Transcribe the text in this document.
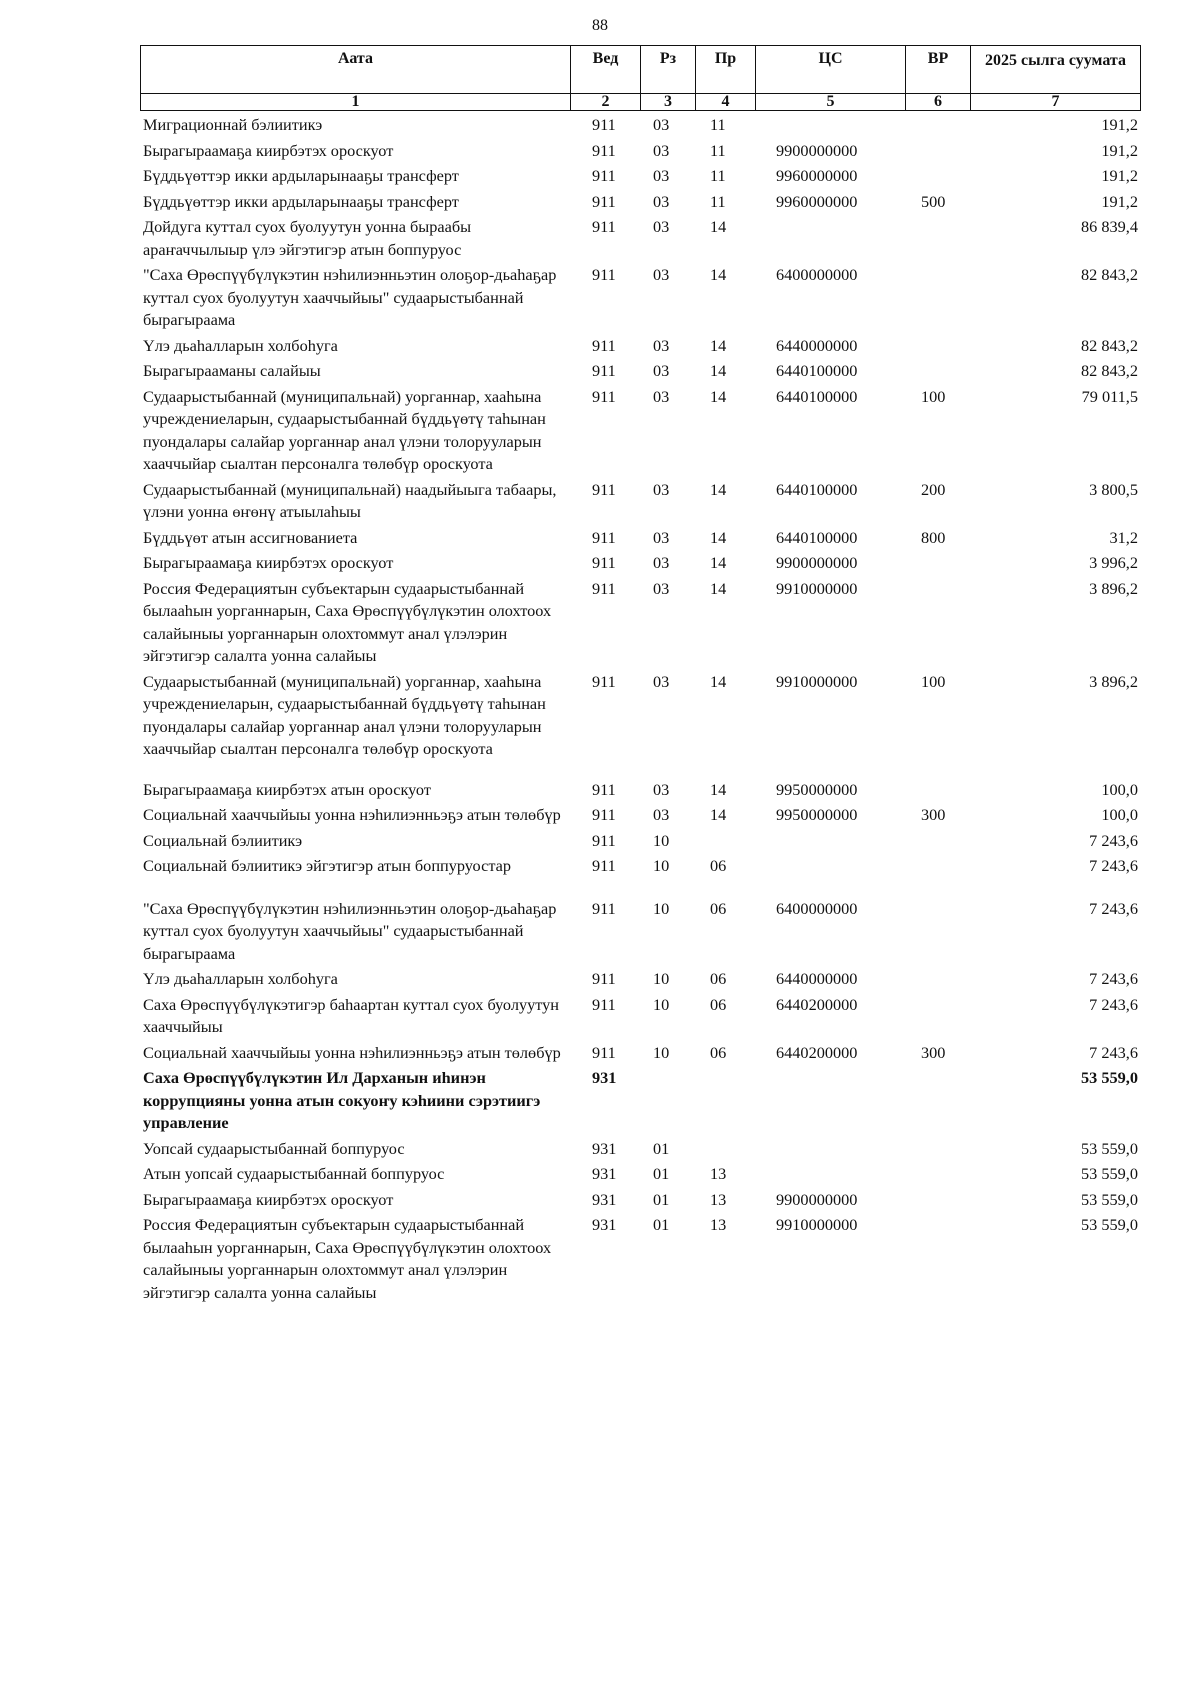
88
Аата	Вед	Рз	Пр	ЦС	ВР	2025 сылга суумата
1	2	3	4	5	6	7
Миграционнай бэлиитикэ	911	03	11			191,2
Бырагыраамаҕа киирбэтэх ороскуот	911	03	11	9900000000		191,2
Бүддьүөттэр икки ардыларынааҕы трансферт	911	03	11	9960000000		191,2
Бүддьүөттэр икки ардыларынааҕы трансферт	911	03	11	9960000000	500	191,2
Дойдуга куттал суох буолуутун уонна быраабы араҥаччылыыр үлэ эйгэтигэр атын боппуруос	911	03	14			86 839,4
"Саха Өрөспүүбүлүкэтин нэһилиэнньэтин олоҕор-дьаһаҕар куттал суох буолуутун хааччыйыы" судаарыстыбаннай бырагыраама	911	03	14	6400000000		82 843,2
Үлэ дьаһалларын холбоһуга	911	03	14	6440000000		82 843,2
Бырагырааманы салайыы	911	03	14	6440100000		82 843,2
Судаарыстыбаннай (муниципальнай) уорганнар, хааһына учреждениеларын, судаарыстыбаннай бүддьүөтү таһынан пуондалары салайар уорганнар анал үлэни толорууларын хааччыйар сыалтан персоналга төлөбүр ороскуота	911	03	14	6440100000	100	79 011,5
Судаарыстыбаннай (муниципальнай) наадыйыыга табаары, үлэни уонна өҥөнү атыылаһыы	911	03	14	6440100000	200	3 800,5
Бүддьүөт атын ассигнованиета	911	03	14	6440100000	800	31,2
Бырагыраамаҕа киирбэтэх ороскуот	911	03	14	9900000000		3 996,2
Россия Федерациятын субъектарын судаарыстыбаннай былааһын уорганнарын, Саха Өрөспүүбүлүкэтин олохтоох салайыныы уорганнарын олохтоммут анал үлэлэрин эйгэтигэр салалта уонна салайыы	911	03	14	9910000000		3 896,2
Судаарыстыбаннай (муниципальнай) уорганнар, хааһына учреждениеларын, судаарыстыбаннай бүддьүөтү таһынан пуондалары салайар уорганнар анал үлэни толорууларын хааччыйар сыалтан персоналга төлөбүр ороскуота	911	03	14	9910000000	100	3 896,2
Бырагыраамаҕа киирбэтэх атын ороскуот	911	03	14	9950000000		100,0
Социальнай хааччыйыы уонна нэһилиэнньэҕэ атын төлөбүр	911	03	14	9950000000	300	100,0
Социальнай бэлиитикэ	911	10				7 243,6
Социальнай бэлиитикэ эйгэтигэр атын боппуруостар	911	10	06			7 243,6
"Саха Өрөспүүбүлүкэтин нэһилиэнньэтин олоҕор-дьаһаҕар куттал суох буолуутун хааччыйыы" судаарыстыбаннай бырагыраама	911	10	06	6400000000		7 243,6
Үлэ дьаһалларын холбоһуга	911	10	06	6440000000		7 243,6
Саха Өрөспүүбүлүкэтигэр баһаартан куттал суох буолуутун хааччыйыы	911	10	06	6440200000		7 243,6
Социальнай хааччыйыы уонна нэһилиэнньэҕэ атын төлөбүр	911	10	06	6440200000	300	7 243,6
Саха Өрөспүүбүлүкэтин Ил Дарханын иһинэн коррупцияны уонна атын сокуоҥу кэһиини сэрэтиигэ управление	931					53 559,0
Уопсай судаарыстыбаннай боппуруос	931	01				53 559,0
Атын уопсай судаарыстыбаннай боппуруос	931	01	13			53 559,0
Бырагыраамаҕа киирбэтэх ороскуот	931	01	13	9900000000		53 559,0
Россия Федерациятын субъектарын судаарыстыбаннай былааһын уорганнарын, Саха Өрөспүүбүлүкэтин олохтоох салайыныы уорганнарын олохтоммут анал үлэлэрин эйгэтигэр салалта уонна салайыы	931	01	13	9910000000		53 559,0
